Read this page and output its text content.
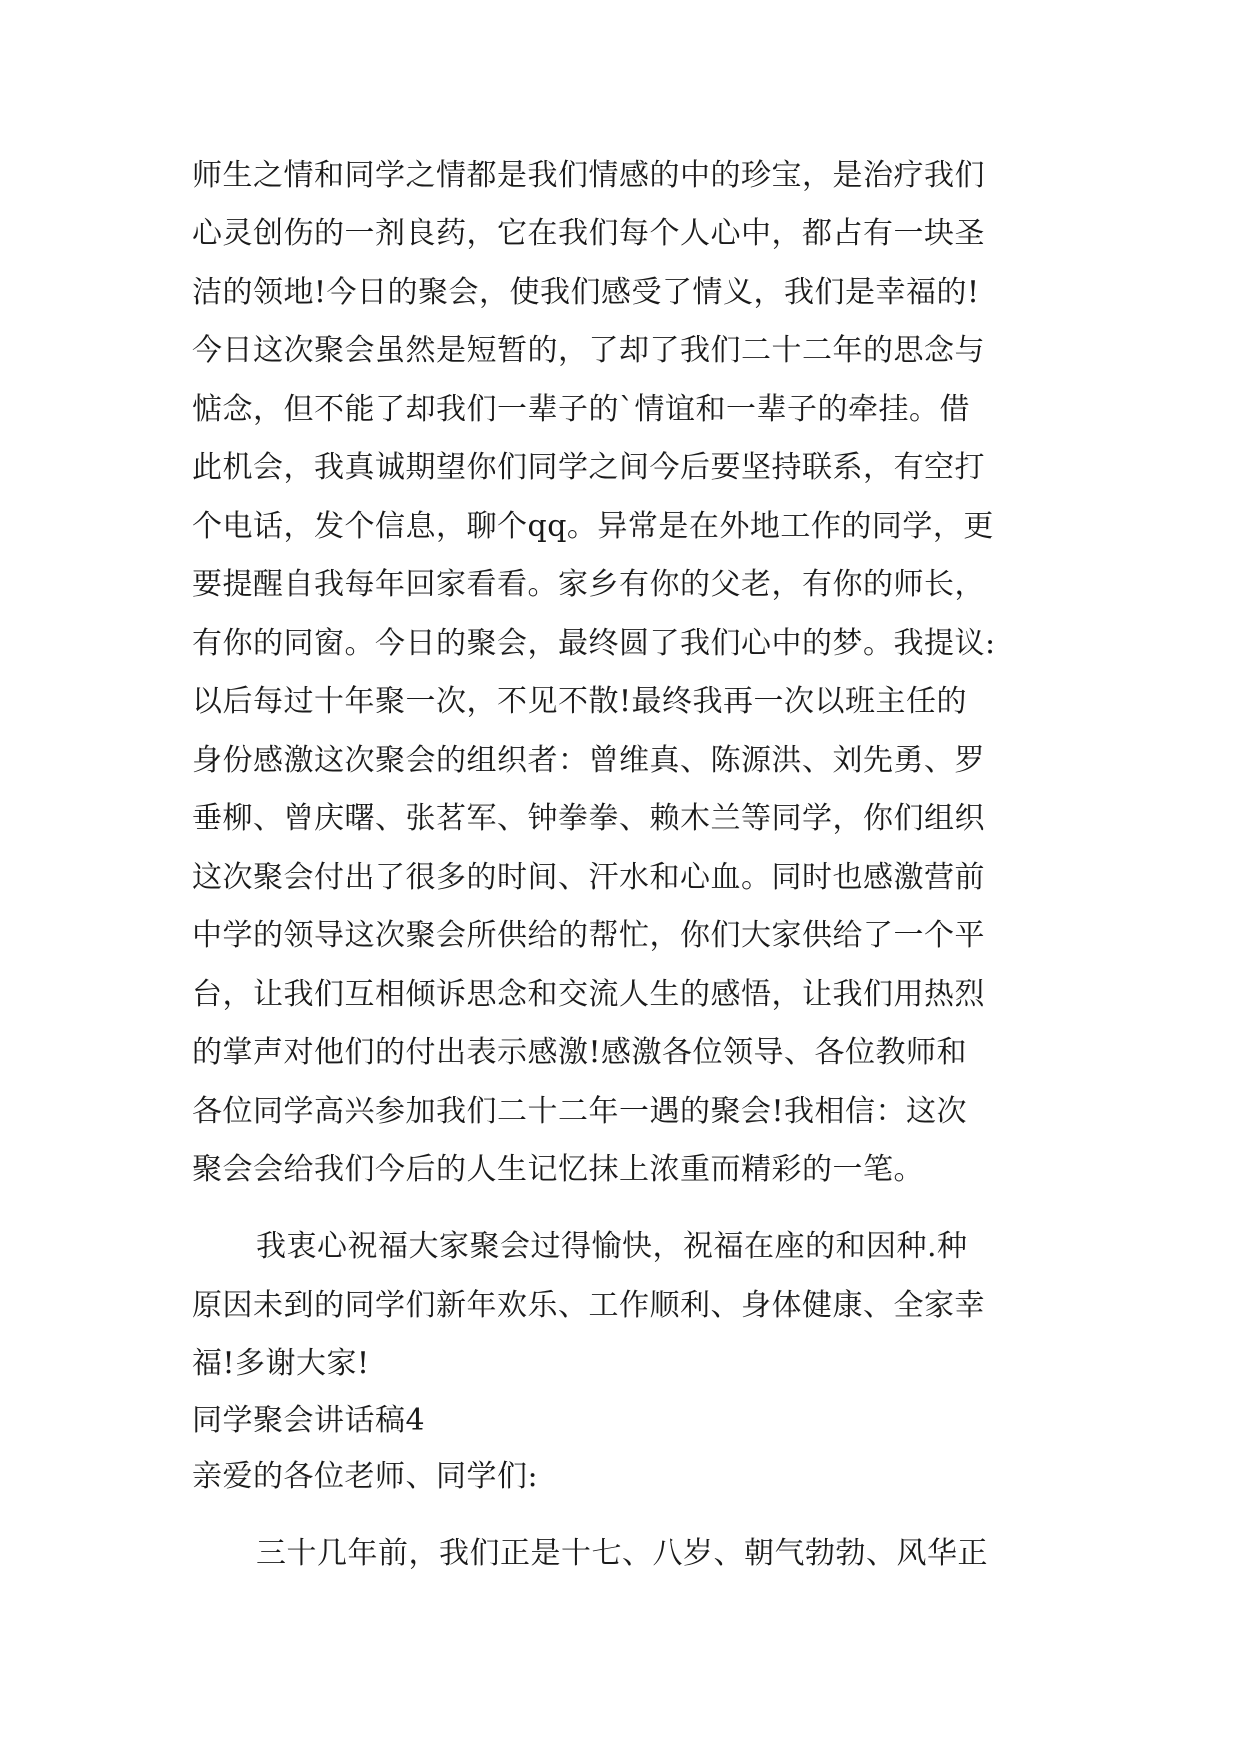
师生之情和同学之情都是我们情感的中的珍宝，是治疗我们
心灵创伤的一剂良药，它在我们每个人心中，都占有一块圣
洁的领地!今日的聚会，使我们感受了情义，我们是幸福的!
今日这次聚会虽然是短暂的，了却了我们二十二年的思念与
惦念，但不能了却我们一辈子的`情谊和一辈子的牵挂。借
此机会，我真诚期望你们同学之间今后要坚持联系，有空打
个电话，发个信息，聊个qq。异常是在外地工作的同学，更
要提醒自我每年回家看看。家乡有你的父老，有你的师长，
有你的同窗。今日的聚会，最终圆了我们心中的梦。我提议:
以后每过十年聚一次，不见不散!最终我再一次以班主任的
身份感激这次聚会的组织者：曾维真、陈源洪、刘先勇、罗
垂柳、曾庆曙、张茗军、钟拳拳、赖木兰等同学，你们组织
这次聚会付出了很多的时间、汗水和心血。同时也感激营前
中学的领导这次聚会所供给的帮忙，你们大家供给了一个平
台，让我们互相倾诉思念和交流人生的感悟，让我们用热烈
的掌声对他们的付出表示感激!感激各位领导、各位教师和
各位同学高兴参加我们二十二年一遇的聚会!我相信：这次
聚会会给我们今后的人生记忆抹上浓重而精彩的一笔。
我衷心祝福大家聚会过得愉快，祝福在座的和因种.种
原因未到的同学们新年欢乐、工作顺利、身体健康、全家幸
福!多谢大家!
同学聚会讲话稿4
亲爱的各位老师、同学们:
三十几年前，我们正是十七、八岁、朝气勃勃、风华正
